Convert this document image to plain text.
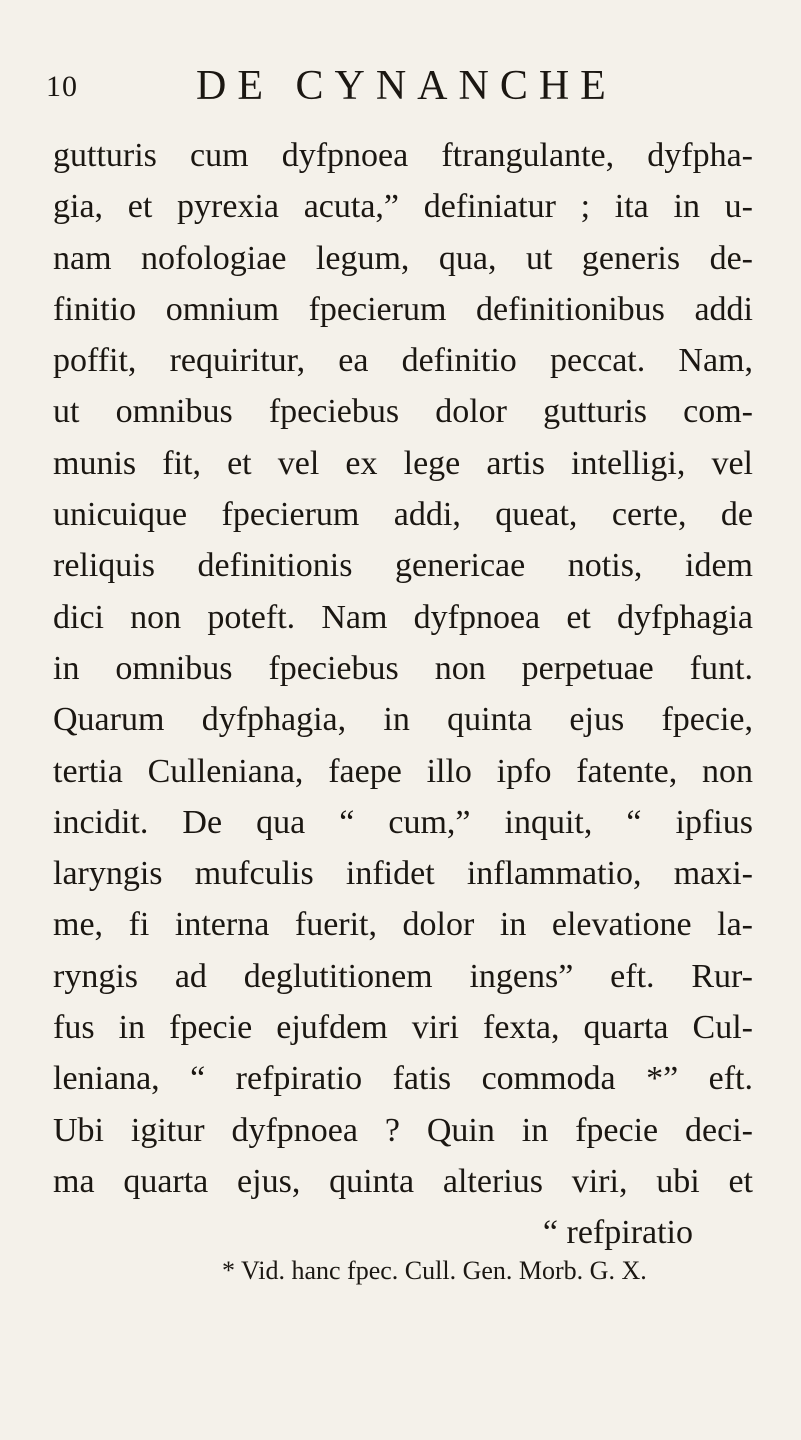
10	DE CYNANCHE
gutturis cum dyfpnoea ftrangulante, dyfpha-
gia, et pyrexia acuta,” definiatur ; ita in u-
nam nofologiae legum, qua, ut generis de-
finitio omnium fpecierum definitionibus addi
poffit, requiritur, ea definitio peccat. Nam,
ut omnibus fpeciebus dolor gutturis com-
munis fit, et vel ex lege artis intelligi, vel
unicuique fpecierum addi, queat, certe, de
reliquis definitionis genericae notis, idem
dici non poteft. Nam dyfpnoea et dyfphagia
in omnibus fpeciebus non perpetuae funt.
Quarum dyfphagia, in quinta ejus fpecie,
tertia Culleniana, faepe illo ipfo fatente, non
incidit. De qua “ cum,” inquit, “ ipfius
laryngis mufculis infidet inflammatio, maxi-
me, fi interna fuerit, dolor in elevatione la-
ryngis ad deglutitionem ingens” eft. Rur-
fus in fpecie ejufdem viri fexta, quarta Cul-
leniana, “ refpiratio fatis commoda *” eft.
Ubi igitur dyfpnoea ? Quin in fpecie deci-
ma quarta ejus, quinta alterius viri, ubi et
“ refpiratio
* Vid. hanc fpec. Cull. Gen. Morb. G. X.
